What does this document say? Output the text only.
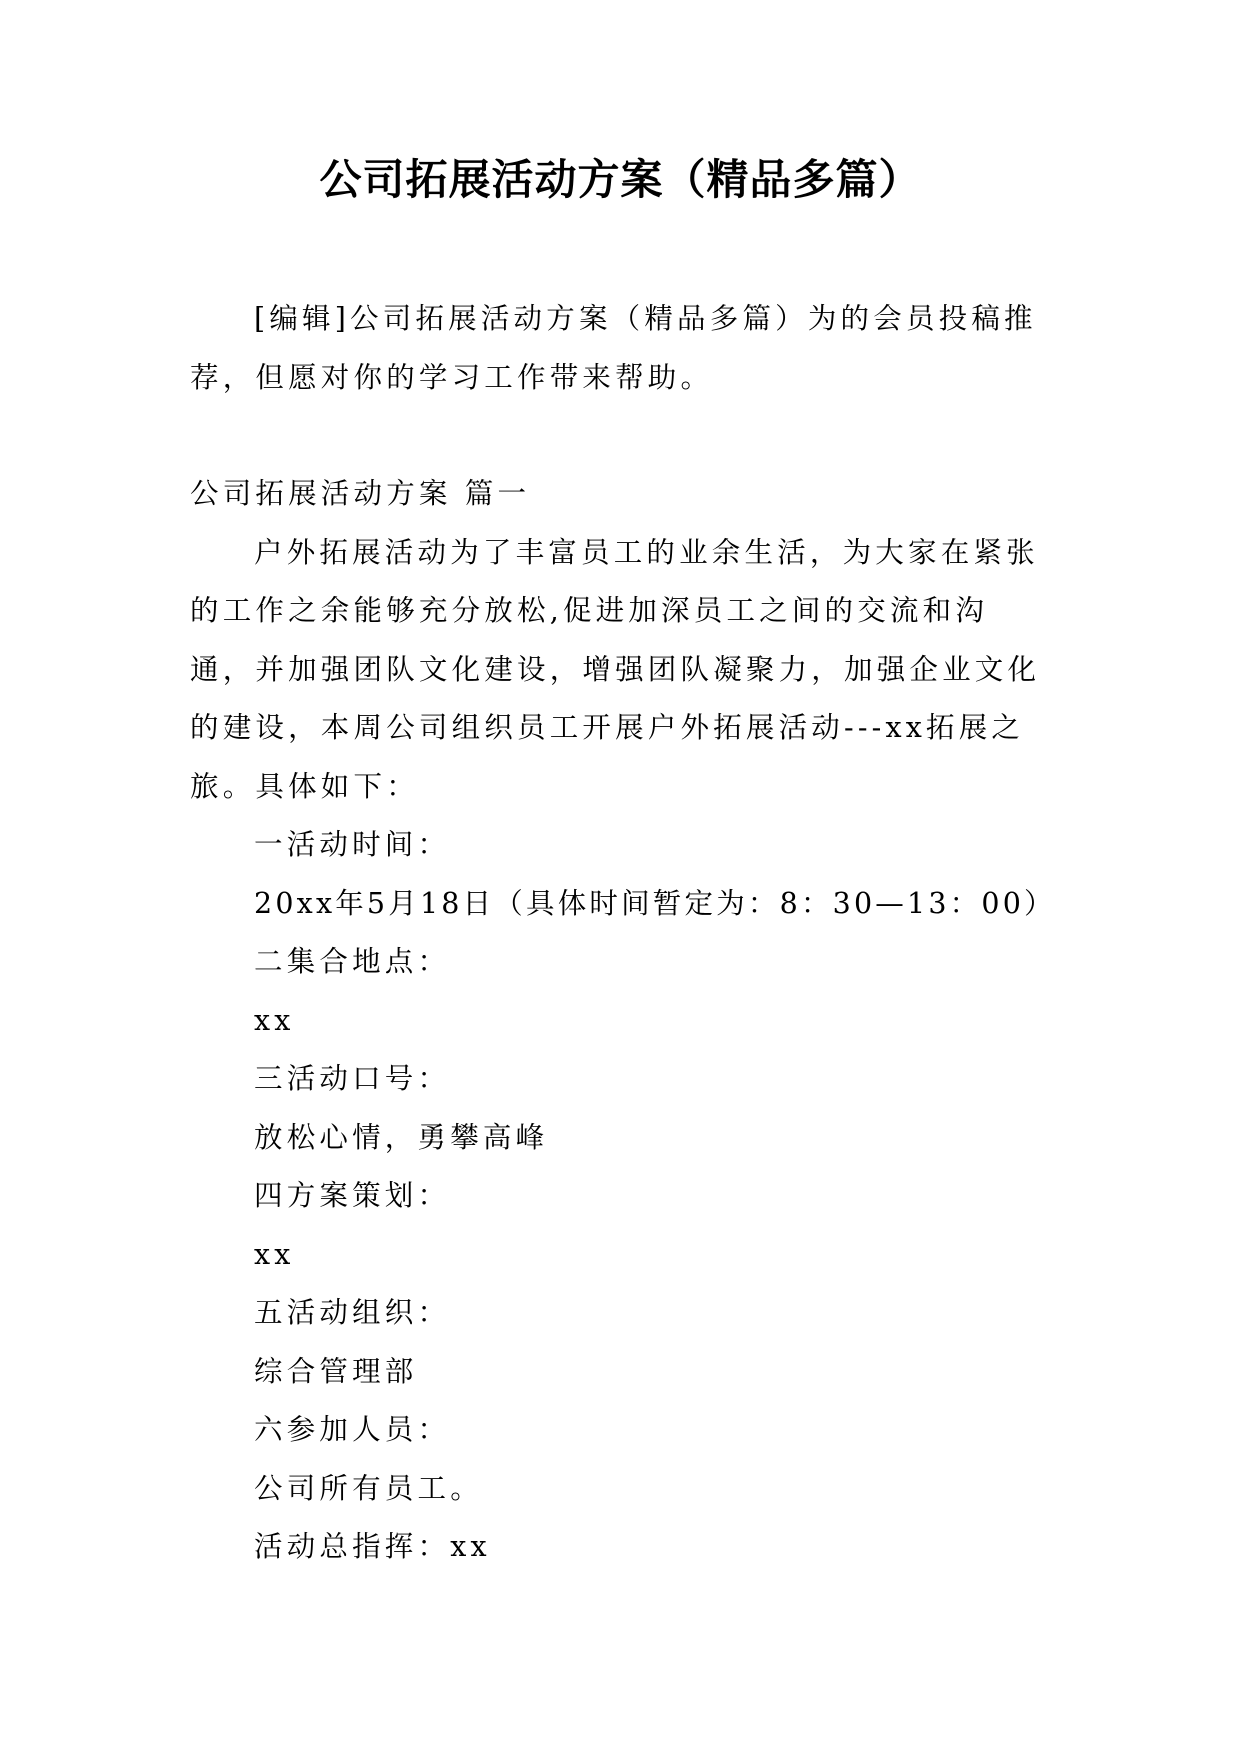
公司拓展活动方案（精品多篇）

[编辑]公司拓展活动方案（精品多篇）为的会员投稿推荐，但愿对你的学习工作带来帮助。

公司拓展活动方案 篇一

户外拓展活动为了丰富员工的业余生活，为大家在紧张的工作之余能够充分放松,促进加深员工之间的交流和沟通，并加强团队文化建设，增强团队凝聚力，加强企业文化的建设，本周公司组织员工开展户外拓展活动---xx拓展之旅。具体如下：

一活动时间：

20xx年5月18日（具体时间暂定为：8：30—13：00）

二集合地点：

xx

三活动口号：

放松心情，勇攀高峰

四方案策划：

xx

五活动组织：

综合管理部

六参加人员：

公司所有员工。

活动总指挥：xx
